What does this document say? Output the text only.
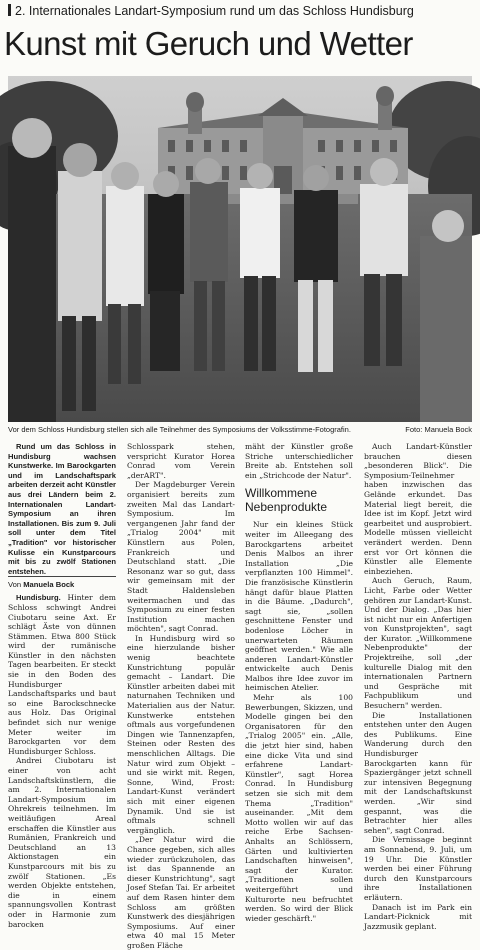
2. Internationales Landart-Symposium rund um das Schloss Hundisburg
Kunst mit Geruch und Wetter
Vor dem Schloss Hundisburg stellen sich alle Teilnehmer des Symposiums der Volksstimme-Fotografin.	Foto: Manuela Bock

Rund um das Schloss in Hundisburg wachsen Kunstwerke. Im Barockgarten und im Landschaftspark arbeiten derzeit acht Künstler aus drei Ländern beim 2. Internationalen Landart-Symposium an ihren Installationen. Bis zum 9. Juli soll unter dem Titel „Tradition" vor historischer Kulisse ein Kunstparcours mit bis zu zwölf Stationen entstehen.

Von Manuela Bock

Hundisburg. Hinter dem Schloss schwingt Andrei Ciubotaru seine Axt. Er schlägt Äste von dünnen Stämmen. Etwa 800 Stück wird der rumänische Künstler in den nächsten Tagen bearbeiten. Er steckt sie in den Boden des Hundisburger Landschaftsparks und baut so eine Barockschnecke aus Holz. Das Original befindet sich nur wenige Meter weiter im Barockgarten vor dem Hundisburger Schloss.

Andrei Ciubotaru ist einer von acht Landschaftskünstlern, die am 2. Internationalen Landart-Symposium im Ohrekreis teilnehmen. Im weitläufigen Areal erschaffen die Künstler aus Rumänien, Frankreich und Deutschland an 13 Aktionstagen ein Kunstparcours mit bis zu zwölf Stationen. „Es werden Objekte entstehen, die in einem spannungsvollen Kontrast oder in Harmonie zum barocken

Schlosspark stehen, verspricht Kurator Horea Conrad vom Verein „derART".

Der Magdeburger Verein organisiert bereits zum zweiten Mal das Landart-Symposium. Im vergangenen Jahr fand der „Trialog 2004" mit Künstlern aus Polen, Frankreich und Deutschland statt. „Die Resonanz war so gut, dass wir gemeinsam mit der Stadt Haldensleben weitermachen und das Symposium zu einer festen Institution machen möchten", sagt Conrad.

In Hundisburg wird so eine hierzulande bisher wenig beachtete Kunstrichtung populär gemacht – Landart. Die Künstler arbeiten dabei mit naturnahen Techniken und Materialien aus der Natur. Kunstwerke entstehen oftmals aus vorgefundenen Dingen wie Tannenzapfen, Steinen oder Resten des menschlichen Alltags. Die Natur wird zum Objekt – und sie wirkt mit. Regen, Sonne, Wind, Frost: Landart-Kunst verändert sich mit einer eigenen Dynamik. Und sie ist oftmals schnell vergänglich.

„Der Natur wird die Chance gegeben, sich alles wieder zurückzuholen, das ist das Spannende an dieser Kunstrichtung", sagt Josef Stefan Tai. Er arbeitet auf dem Rasen hinter dem Schloss am größten Kunstwerk des diesjährigen Symposiums. Auf einer etwa 40 mal 15 Meter großen Fläche

mäht der Künstler große Striche unterschiedlicher Breite ab. Entstehen soll ein „Strichcode der Natur".

Willkommene Nebenprodukte

Nur ein kleines Stück weiter im Alleegang des Barockgartens arbeitet Denis Malbos an ihrer Installation „Die verpflanzten 100 Himmel". Die französische Künstlerin hängt dafür blaue Platten in die Bäume. „Dadurch", sagt sie, „sollen geschnittene Fenster und bodenlose Löcher in unerwarteten Räumen geöffnet werden." Wie alle anderen Landart-Künstler entwickelte auch Denis Malbos ihre Idee zuvor im heimischen Atelier.

Mehr als 100 Bewerbungen, Skizzen, und Modelle gingen bei den Organisatoren für den „Trialog 2005" ein. „Alle, die jetzt hier sind, haben eine dicke Vita und sind erfahrene Landart-Künstler", sagt Horea Conrad. In Hundisburg setzen sie sich mit dem Thema „Tradition" auseinander. „Mit dem Motto wollen wir auf das reiche Erbe Sachsen-Anhalts an Schlössern, Gärten und kultivierten Landschaften hinweisen", sagt der Kurator. „Traditionen sollen weitergeführt und Kulturorte neu befruchtet werden. So wird der Blick wieder geschärft."

Auch Landart-Künstler brauchen diesen „besonderen Blick". Die Symposium-Teilnehmer haben inzwischen das Gelände erkundet. Das Material liegt bereit, die Idee ist im Kopf. Jetzt wird gearbeitet und ausprobiert. Modelle müssen vielleicht verändert werden. Denn erst vor Ort können die Künstler alle Elemente einbeziehen.

Auch Geruch, Raum, Licht, Farbe oder Wetter gehören zur Landart-Kunst. Und der Dialog. „Das hier ist nicht nur ein Anfertigen von Kunstprojekten", sagt der Kurator. „Willkommene Nebenprodukte" der Projektreihe, soll „der kulturelle Dialog mit den internationalen Partnern und Gespräche mit Fachpublikum und Besuchern" werden.

Die Installationen entstehen unter den Augen des Publikums. Eine Wanderung durch den Hundisburger Barockgarten kann für Spaziergänger jetzt schnell zur intensiven Begegnung mit der Landschaftskunst werden. „Wir sind gespannt, was die Betrachter hier alles sehen", sagt Conrad.

Die Vernissage beginnt am Sonnabend, 9. Juli, um 19 Uhr. Die Künstler werden bei einer Führung durch den Kunstparcours ihre Installationen erläutern.

Danach ist im Park ein Landart-Picknick mit Jazzmusik geplant.
